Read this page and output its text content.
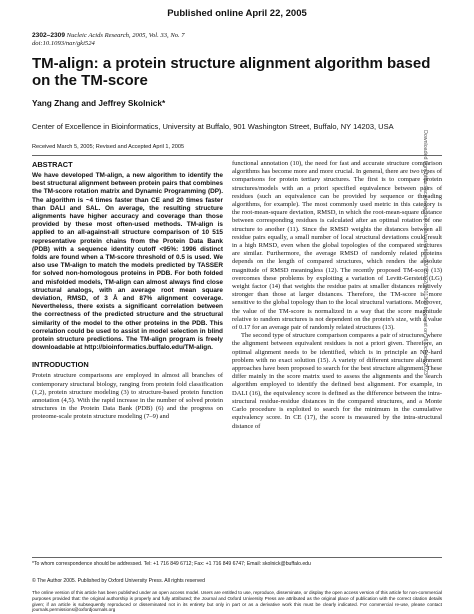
Published online April 22, 2005
2302–2309 Nucleic Acids Research, 2005, Vol. 33, No. 7
doi:10.1093/nar/gki524
TM-align: a protein structure alignment algorithm based on the TM-score
Yang Zhang and Jeffrey Skolnick*
Center of Excellence in Bioinformatics, University at Buffalo, 901 Washington Street, Buffalo, NY 14203, USA
Received March 5, 2005; Revised and Accepted April 1, 2005
ABSTRACT

We have developed TM-align, a new algorithm to identify the best structural alignment between protein pairs that combines the TM-score rotation matrix and Dynamic Programming (DP). The algorithm is ~4 times faster than CE and 20 times faster than DALI and SAL. On average, the resulting structure alignments have higher accuracy and coverage than those provided by these most often-used methods. TM-align is applied to an all-against-all structure comparison of 10 515 representative protein chains from the Protein Data Bank (PDB) with a sequence identity cutoff <95%: 1996 distinct folds are found when a TM-score threshold of 0.5 is used. We also use TM-align to match the models predicted by TASSER for solved non-homologous proteins in PDB. For both folded and misfolded models, TM-align can almost always find close structural analogs, with an average root mean square deviation, RMSD, of 3 Å and 87% alignment coverage. Nevertheless, there exists a significant correlation between the correctness of the predicted structure and the structural similarity of the model to the other proteins in the PDB. This correlation could be used to assist in model selection in blind protein structure predictions. The TM-align program is freely downloadable at http://bioinformatics.buffalo.edu/TM-align.

INTRODUCTION

Protein structure comparisons are employed in almost all branches of contemporary structural biology, ranging from protein fold classification (1,2), protein structure modeling (3) to structure-based protein function annotation (4,5). With the rapid increase in the number of solved protein structures in the Protein Data Bank (PDB) (6) and the progress on proteome-scale protein structure modeling (7–9) and

functional annotation (10), the need for fast and accurate structure comparison algorithms has become more and more crucial. In general, there are two types of comparisons for protein tertiary structures. The first is to compare protein structures/models with an a priori specified equivalence between pairs of residues (such an equivalence can be provided by sequence or threading algorithms, for example). The most commonly used metric in this category is the root-mean-square deviation, RMSD, in which the root-mean-square distance between corresponding residues is calculated after an optimal rotation of one structure to another (11). Since the RMSD weights the distances between all residue pairs equally, a small number of local structural deviations could result in a high RMSD, even when the global topologies of the compared structures are similar. Furthermore, the average RMSD of randomly related proteins depends on the length of compared structures, which renders the absolute magnitude of RMSD meaningless (12). The recently proposed TM-score (13) overcomes these problems by exploiting a variation of Levitt-Gerstein (LG) weight factor (14) that weights the residue pairs at smaller distances relatively stronger than those at larger distances. Therefore, the TM-score is more sensitive to the global topology than to the local structural variations. Moreover, the value of the TM-score is normalized in a way that the score magnitude relative to random structures is not dependent on the protein's size, with a value of 0.17 for an average pair of randomly related structures (13).

The second type of structure comparison compares a pair of structures where the alignment between equivalent residues is not a priori given. Therefore, an optimal alignment needs to be identified, which is in principle an NP-hard problem with no exact solution (15). A variety of different structure alignment approaches have been proposed to search for the best structure alignment. These differ mainly in the score matrix used to assess the alignments and the search algorithm employed to identify the defined best alignment. For example, in DALI (16), the equivalency score is defined as the difference between the intra-structural residue-residue distances in the compared structures, and a Monte Carlo procedure is exploited to search for the minimum in the cumulative equivalency score. In CE (17), the score is measured by the intra-structural distance of

Downloaded from https://academic.oup.com/nar/article/33/7/2302/2401364 by guest on 26 October 2023
*To whom correspondence should be addressed. Tel: +1 716 849 6712; Fax: +1 716 849 6747; Email: skolnick@buffalo.edu
© The Author 2005. Published by Oxford University Press. All rights reserved
The online version of this article has been published under an open access model. Users are entitled to use, reproduce, disseminate, or display the open access version of this article for non-commercial purposes provided that: the original authorship is properly and fully attributed; the Journal and Oxford University Press are attributed as the original place of publication with the correct citation details given; if an article is subsequently reproduced or disseminated not in its entirety but only in part or as a derivative work this must be clearly indicated. For commercial re-use, please contact journals.permissions@oxfordjournals.org
